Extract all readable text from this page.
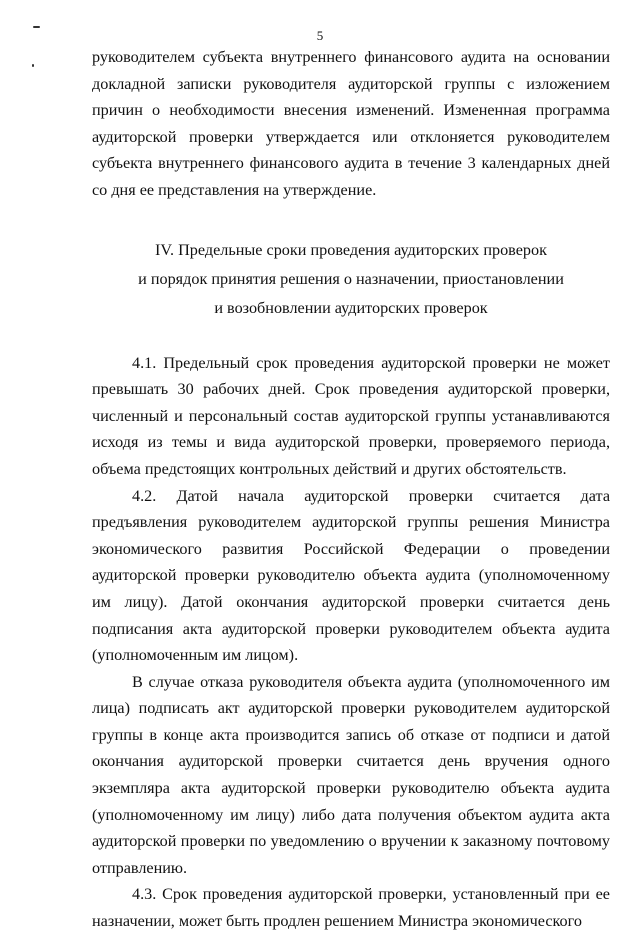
5

руководителем субъекта внутреннего финансового аудита на основании докладной записки руководителя аудиторской группы с изложением причин о необходимости внесения изменений. Измененная программа аудиторской проверки утверждается или отклоняется руководителем субъекта внутреннего финансового аудита в течение 3 календарных дней со дня ее представления на утверждение.

IV. Предельные сроки проведения аудиторских проверок
и порядок принятия решения о назначении, приостановлении
и возобновлении аудиторских проверок

4.1. Предельный срок проведения аудиторской проверки не может превышать 30 рабочих дней. Срок проведения аудиторской проверки, численный и персональный состав аудиторской группы устанавливаются исходя из темы и вида аудиторской проверки, проверяемого периода, объема предстоящих контрольных действий и других обстоятельств.

4.2. Датой начала аудиторской проверки считается дата предъявления руководителем аудиторской группы решения Министра экономического развития Российской Федерации о проведении аудиторской проверки руководителю объекта аудита (уполномоченному им лицу). Датой окончания аудиторской проверки считается день подписания акта аудиторской проверки руководителем объекта аудита (уполномоченным им лицом).

В случае отказа руководителя объекта аудита (уполномоченного им лица) подписать акт аудиторской проверки руководителем аудиторской группы в конце акта производится запись об отказе от подписи и датой окончания аудиторской проверки считается день вручения одного экземпляра акта аудиторской проверки руководителю объекта аудита (уполномоченному им лицу) либо дата получения объектом аудита акта аудиторской проверки по уведомлению о вручении к заказному почтовому отправлению.

4.3. Срок проведения аудиторской проверки, установленный при ее назначении, может быть продлен решением Министра экономического
